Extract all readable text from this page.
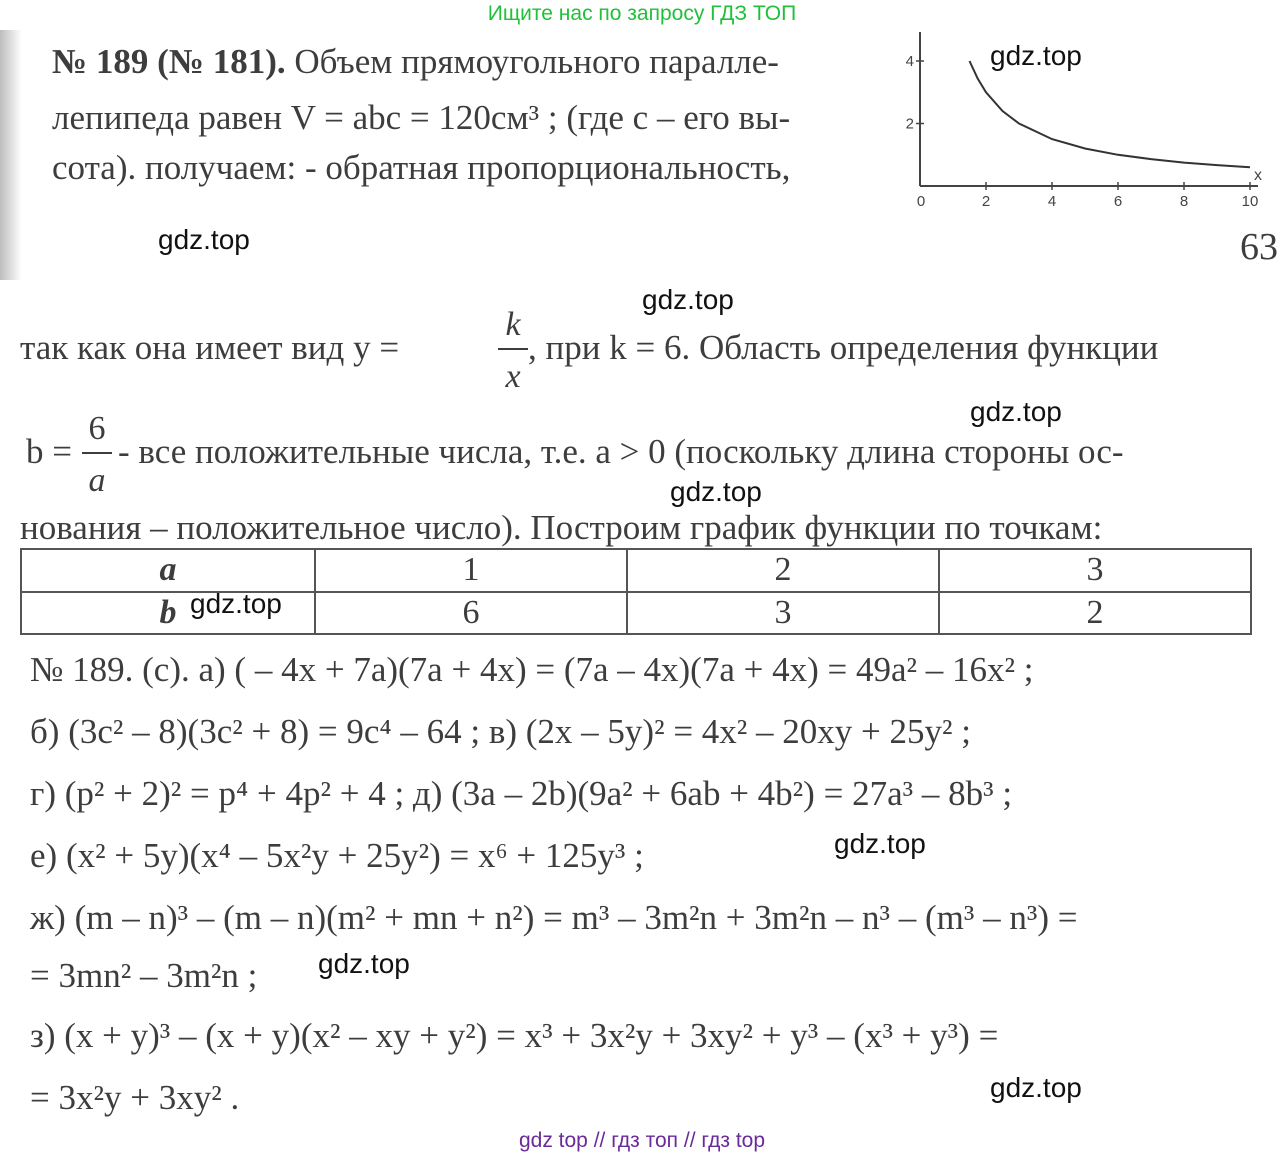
Ищите нас по запросу ГДЗ ТОП
№ 189 (№ 181). Объем прямоугольного паралле-
лепипеда равен V = abc = 120см³ ; (где c – его вы-
сота). получаем: - обратная пропорциональность,
0	2	4	6	8	10
2
4
x
63
так как она имеет вид y =
k
x
, при k = 6. Область определения функции
b =
6
a
- все положительные числа, т.е. a > 0 (поскольку длина стороны ос-
нования – положительное число). Построим график функции по точкам:
a	1	2	3
b	6	3	2
№ 189. (с). а) ( – 4x + 7a)(7a + 4x) = (7a – 4x)(7a + 4x) = 49a² – 16x² ;
б) (3c² – 8)(3c² + 8) = 9c⁴ – 64 ; в) (2x – 5y)² = 4x² – 20xy + 25y² ;
г) (p² + 2)² = p⁴ + 4p² + 4 ; д) (3a – 2b)(9a² + 6ab + 4b²) = 27a³ – 8b³ ;
е) (x² + 5y)(x⁴ – 5x²y + 25y²) = x⁶ + 125y³ ;
ж) (m – n)³ – (m – n)(m² + mn + n²) = m³ – 3m²n + 3m²n – n³ – (m³ – n³) =
= 3mn² – 3m²n ;
з) (x + y)³ – (x + y)(x² – xy + y²) = x³ + 3x²y + 3xy² + y³ – (x³ + y³) =
= 3x²y + 3xy² .
gdz.top
gdz.top
gdz.top
gdz.top
gdz.top
gdz.top
gdz.top
gdz.top
gdz.top
gdz top // гдз топ // гдз top
